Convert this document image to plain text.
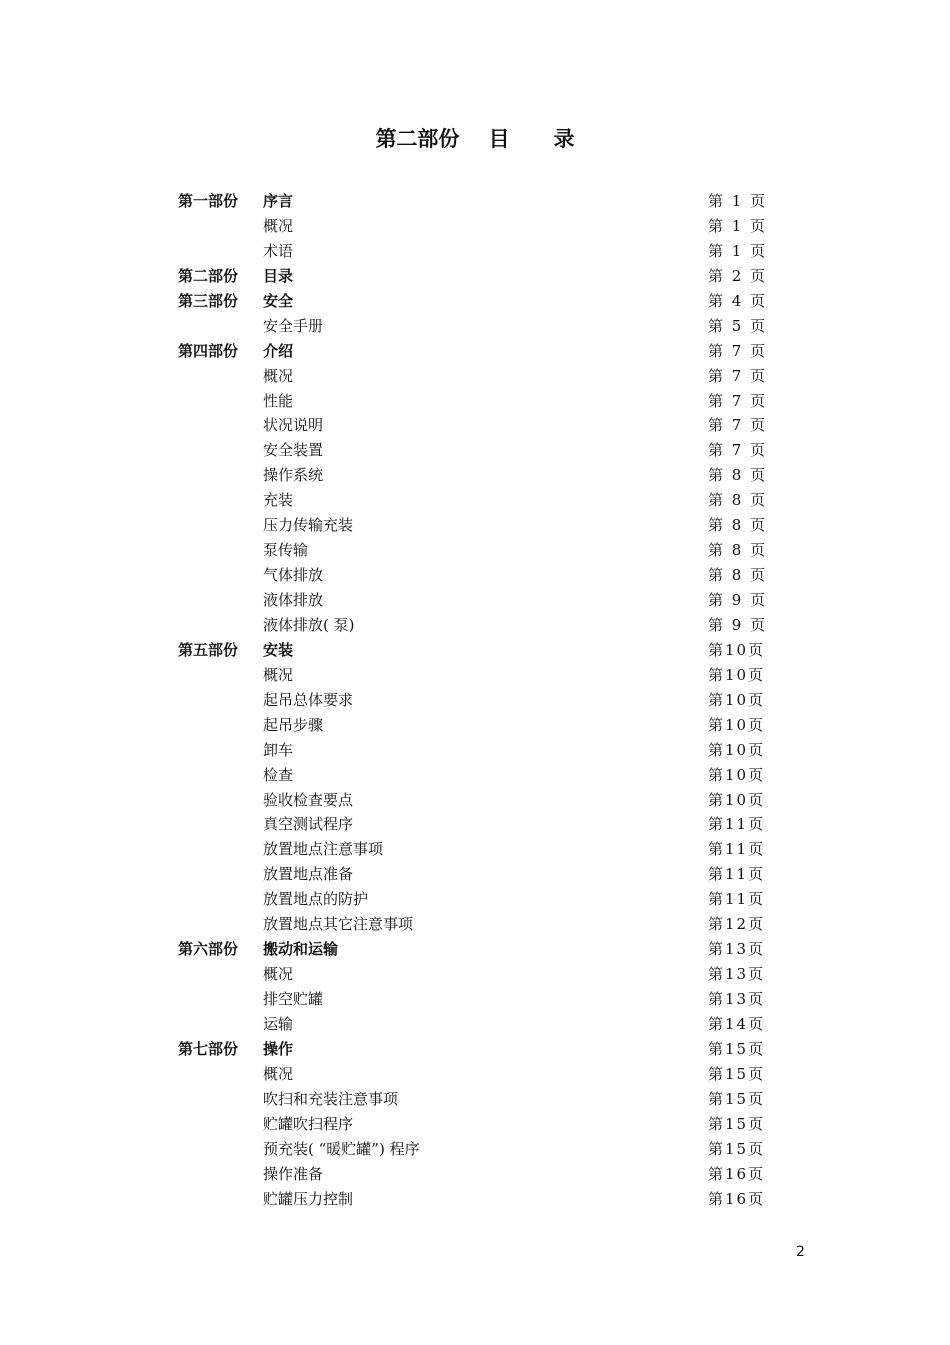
第二部份    目      录
第一部份 序言	第 1 页
概况	第 1 页
术语	第 1 页
第二部份 目录	第 2 页
第三部份 安全	第 4 页
安全手册	第 5 页
第四部份 介绍	第 7 页
概况	第 7 页
性能	第 7 页
状况说明	第 7 页
安全装置	第 7 页
操作系统	第 8 页
充装	第 8 页
压力传输充装	第 8 页
泵传输	第 8 页
气体排放	第 8 页
液体排放	第 9 页
液体排放( 泵)	第 9 页
第五部份 安装	第10页
概况	第10页
起吊总体要求	第10页
起吊步骤	第10页
卸车	第10页
检查	第10页
验收检查要点	第10页
真空测试程序	第11页
放置地点注意事项	第11页
放置地点准备	第11页
放置地点的防护	第11页
放置地点其它注意事项	第12页
第六部份 搬动和运输	第13页
概况	第13页
排空贮罐	第13页
运输	第14页
第七部份 操作	第15页
概况	第15页
吹扫和充装注意事项	第15页
贮罐吹扫程序	第15页
预充装( “暖贮罐”) 程序	第15页
操作准备	第16页
贮罐压力控制	第16页
2
